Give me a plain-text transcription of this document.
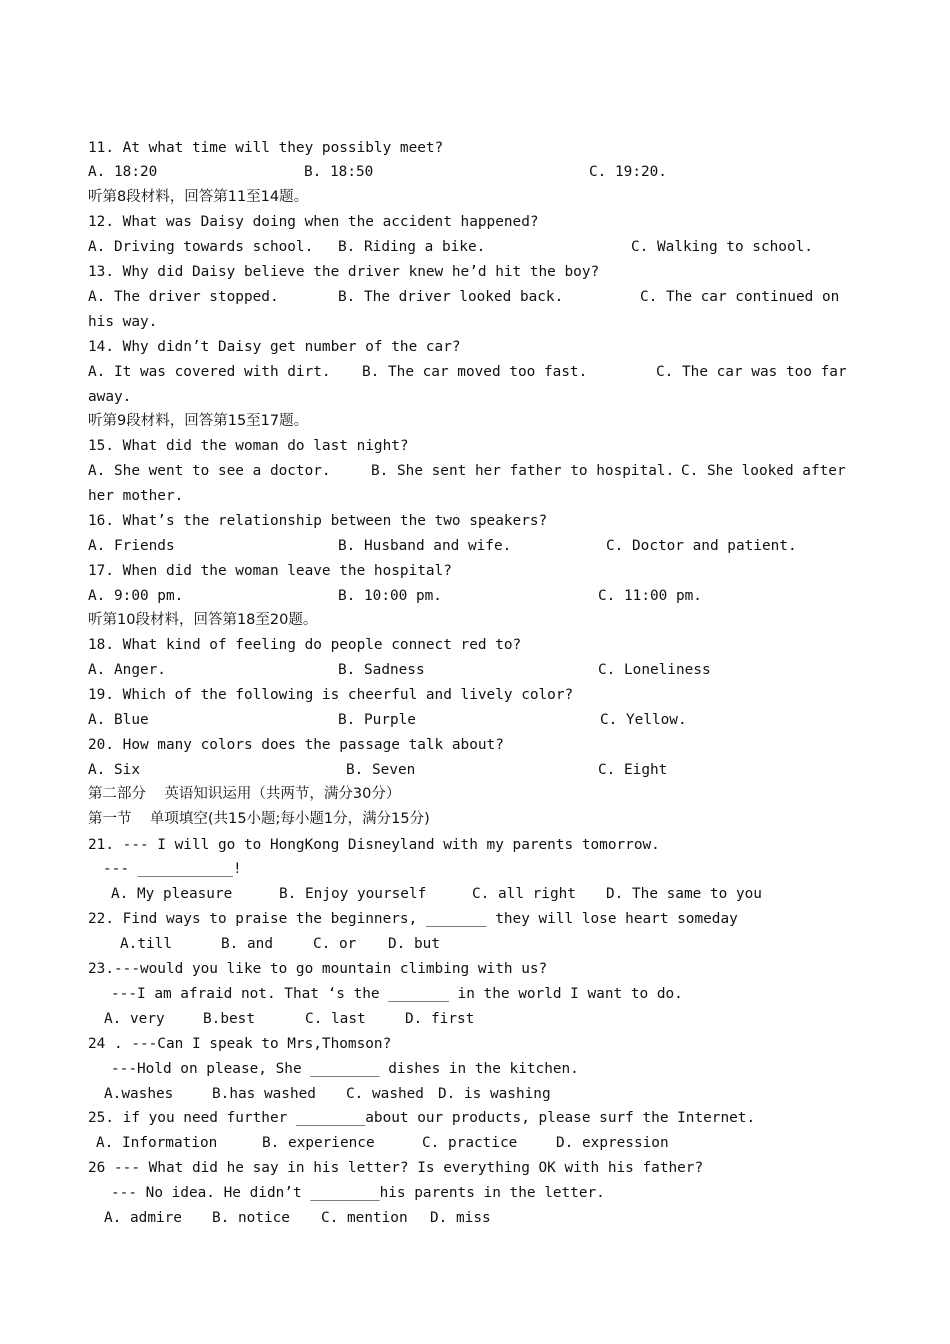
11. At what time will they possibly meet?
A. 18:20	B. 18:50	C. 19:20.
听第8段材料，回答第11至14题。
12. What was Daisy doing when the accident happened?
A. Driving towards school. B. Riding a bike.	C. Walking to school.
13. Why did Daisy believe the driver knew he’d hit the boy?
A. The driver stopped.	B. The driver looked back.	C. The car continued on
his way.
14. Why didn’t Daisy get number of the car?
A. It was covered with dirt. B. The car moved too fast.	C. The car was too far
away.
听第9段材料，回答第15至17题。
15. What did the woman do last night?
A. She went to see a doctor.	B. She sent her father to hospital. C. She looked after
her mother.
16. What’s the relationship between the two speakers?
A. Friends	B. Husband and wife.	C. Doctor and patient.
17. When did the woman leave the hospital?
A. 9:00 pm.	B. 10:00 pm.	C. 11:00 pm.
听第10段材料，回答第18至20题。
18. What kind of feeling do people connect red to?
A. Anger.	B. Sadness	C. Loneliness
19. Which of the following is cheerful and lively color?
A. Blue	B. Purple	C. Yellow.
20. How many colors does the passage talk about?
A. Six	B. Seven	C. Eight
第二部分    英语知识运用（共两节，满分30分）
第一节    单项填空(共15小题;每小题1分，满分15分)
21. --- I will go to HongKong Disneyland with my parents tomorrow.
--- ___________!
A. My pleasure	B. Enjoy yourself	C. all right D. The same to you
22. Find ways to praise the beginners, _______ they will lose heart someday
A.till	B. and	C. or D. but
23.---would you like to go mountain climbing with us?
---I am afraid not. That ‘s the _______ in the world I want to do.
A. very	B.best	C. last	D. first
24 . ---Can I speak to Mrs,Thomson?
---Hold on please, She ________ dishes in the kitchen.
A.washes	B.has washed C. washed D. is washing
25. if you need further ________about our products, please surf the Internet.
A. Information	B. experience	C. practice	D. expression
26 --- What did he say in his letter? Is everything OK with his father?
--- No idea. He didn’t ________his parents in the letter.
A. admire B. notice C. mention D. miss
